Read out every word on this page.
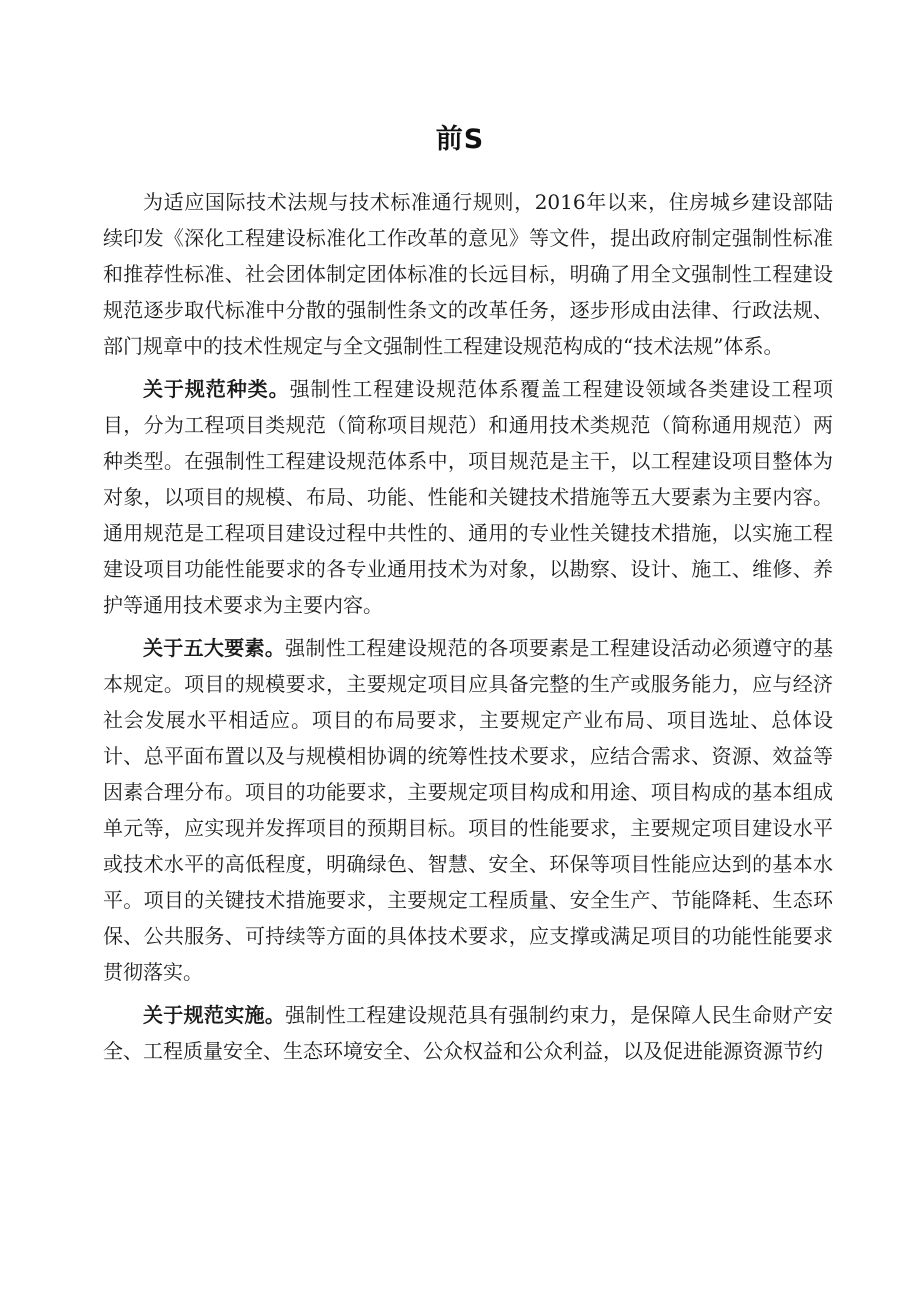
前S

为适应国际技术法规与技术标准通行规则，2016年以来，住房城乡建设部陆续印发《深化工程建设标准化工作改革的意见》等文件，提出政府制定强制性标准和推荐性标准、社会团体制定团体标准的长远目标，明确了用全文强制性工程建设规范逐步取代标准中分散的强制性条文的改革任务，逐步形成由法律、行政法规、部门规章中的技术性规定与全文强制性工程建设规范构成的“技术法规”体系。

关于规范种类。强制性工程建设规范体系覆盖工程建设领域各类建设工程项目，分为工程项目类规范（简称项目规范）和通用技术类规范（简称通用规范）两种类型。在强制性工程建设规范体系中，项目规范是主干，以工程建设项目整体为对象，以项目的规模、布局、功能、性能和关键技术措施等五大要素为主要内容。通用规范是工程项目建设过程中共性的、通用的专业性关键技术措施，以实施工程建设项目功能性能要求的各专业通用技术为对象，以勘察、设计、施工、维修、养护等通用技术要求为主要内容。

关于五大要素。强制性工程建设规范的各项要素是工程建设活动必须遵守的基本规定。项目的规模要求，主要规定项目应具备完整的生产或服务能力，应与经济社会发展水平相适应。项目的布局要求，主要规定产业布局、项目选址、总体设计、总平面布置以及与规模相协调的统筹性技术要求，应结合需求、资源、效益等因素合理分布。项目的功能要求，主要规定项目构成和用途、项目构成的基本组成单元等，应实现并发挥项目的预期目标。项目的性能要求，主要规定项目建设水平或技术水平的高低程度，明确绿色、智慧、安全、环保等项目性能应达到的基本水平。项目的关键技术措施要求，主要规定工程质量、安全生产、节能降耗、生态环保、公共服务、可持续等方面的具体技术要求，应支撑或满足项目的功能性能要求贯彻落实。

关于规范实施。强制性工程建设规范具有强制约束力，是保障人民生命财产安全、工程质量安全、生态环境安全、公众权益和公众利益，以及促进能源资源节约
